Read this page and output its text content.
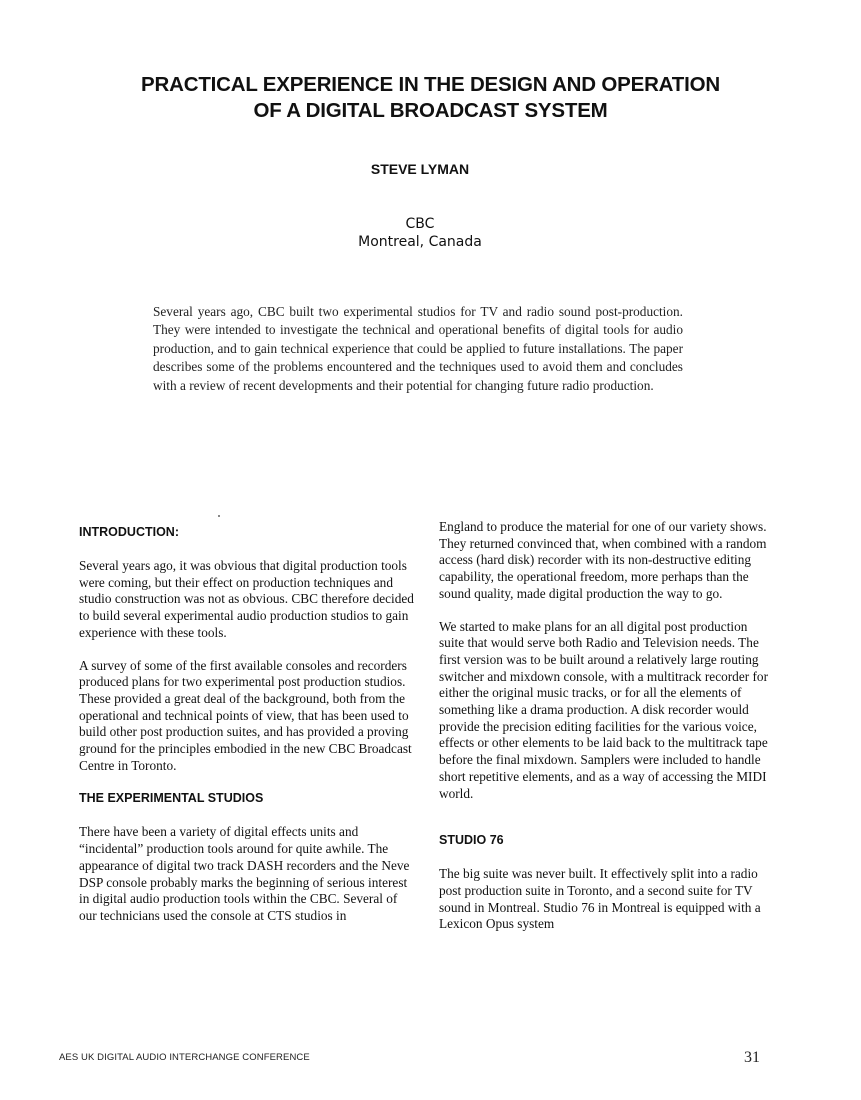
PRACTICAL EXPERIENCE IN THE DESIGN AND OPERATION
OF A DIGITAL BROADCAST SYSTEM
STEVE LYMAN
CBC
Montreal, Canada
Several years ago, CBC built two experimental studios for TV and radio sound post-production. They were intended to investigate the technical and operational benefits of digital tools for audio production, and to gain technical experience that could be applied to future installations. The paper describes some of the problems encountered and the techniques used to avoid them and concludes with a review of recent developments and their potential for changing future radio production.
INTRODUCTION:

Several years ago, it was obvious that digital production tools were coming, but their effect on production techniques and studio construction was not as obvious. CBC therefore decided to build several experimental audio production studios to gain experience with these tools.

A survey of some of the first available consoles and recorders produced plans for two experimental post production studios. These provided a great deal of the background, both from the operational and technical points of view, that has been used to build other post production suites, and has provided a proving ground for the principles embodied in the new CBC Broadcast Centre in Toronto.

THE EXPERIMENTAL STUDIOS

There have been a variety of digital effects units and “incidental” production tools around for quite awhile. The appearance of digital two track DASH recorders and the Neve DSP console probably marks the beginning of serious interest in digital audio production tools within the CBC. Several of our technicians used the console at CTS studios in

England to produce the material for one of our variety shows. They returned convinced that, when combined with a random access (hard disk) recorder with its non-destructive editing capability, the operational freedom, more perhaps than the sound quality, made digital production the way to go.

We started to make plans for an all digital post production suite that would serve both Radio and Television needs. The first version was to be built around a relatively large routing switcher and mixdown console, with a multitrack recorder for either the original music tracks, or for all the elements of something like a drama production. A disk recorder would provide the precision editing facilities for the various voice, effects or other elements to be laid back to the multitrack tape before the final mixdown. Samplers were included to handle short repetitive elements, and as a way of accessing the MIDI world.

STUDIO 76

The big suite was never built. It effectively split into a radio post production suite in Toronto, and a second suite for TV sound in Montreal. Studio 76 in Montreal is equipped with a Lexicon Opus system

AES UK DIGITAL AUDIO INTERCHANGE CONFERENCE	31
